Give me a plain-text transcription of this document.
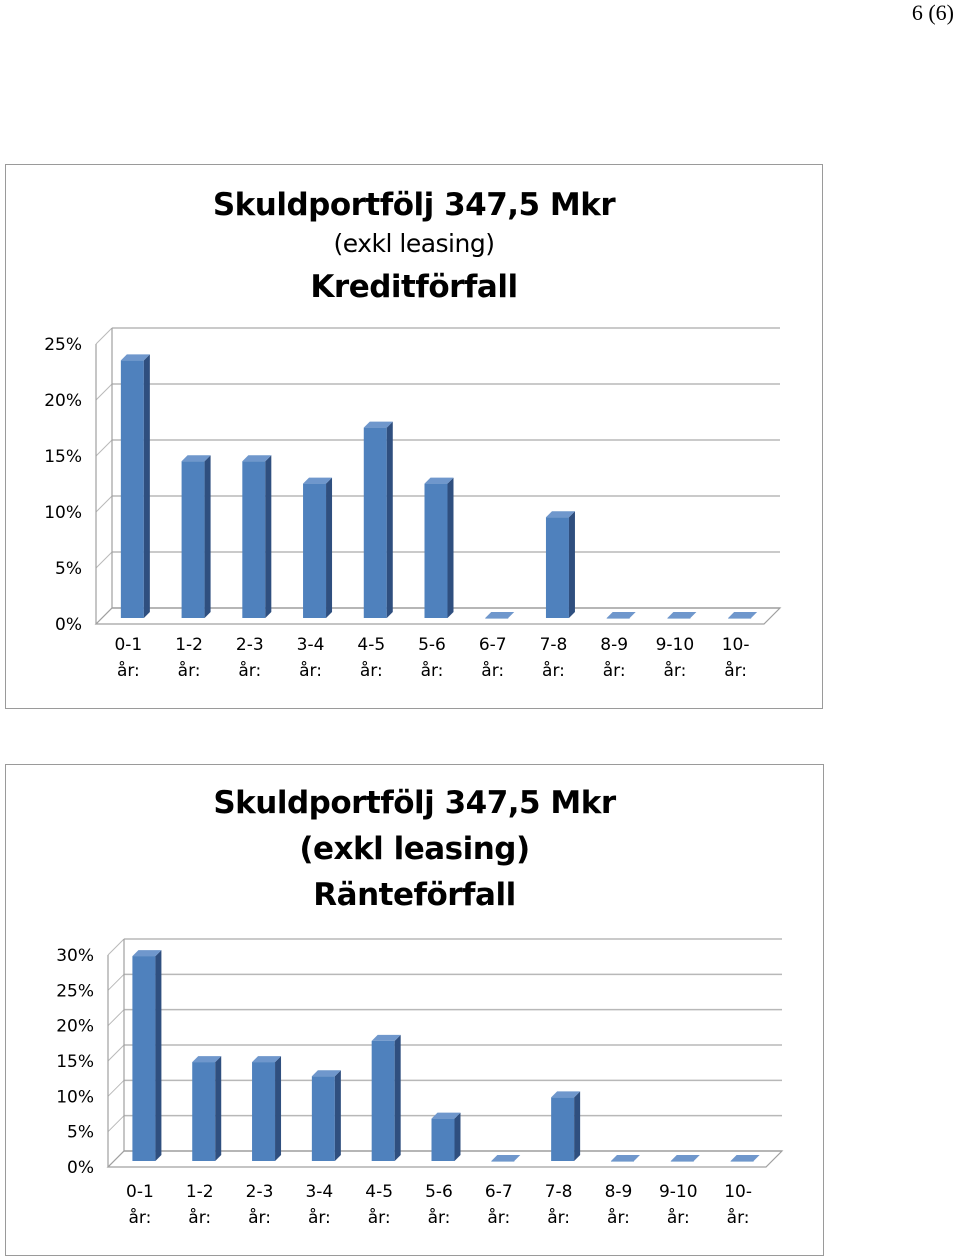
6 (6)
Skuldportfölj 347,5 Mkr
(exkl leasing)
Kreditförfall
0%
5%
10%
15%
20%
25%
0-1
år:
1-2
år:
2-3
år:
3-4
år:
4-5
år:
5-6
år:
6-7
år:
7-8
år:
8-9
år:
9-10
år:
10-
år:
Skuldportfölj 347,5 Mkr
(exkl leasing)
Ränteförfall
0%
5%
10%
15%
20%
25%
30%
0-1
år:
1-2
år:
2-3
år:
3-4
år:
4-5
år:
5-6
år:
6-7
år:
7-8
år:
8-9
år:
9-10
år:
10-
år:
